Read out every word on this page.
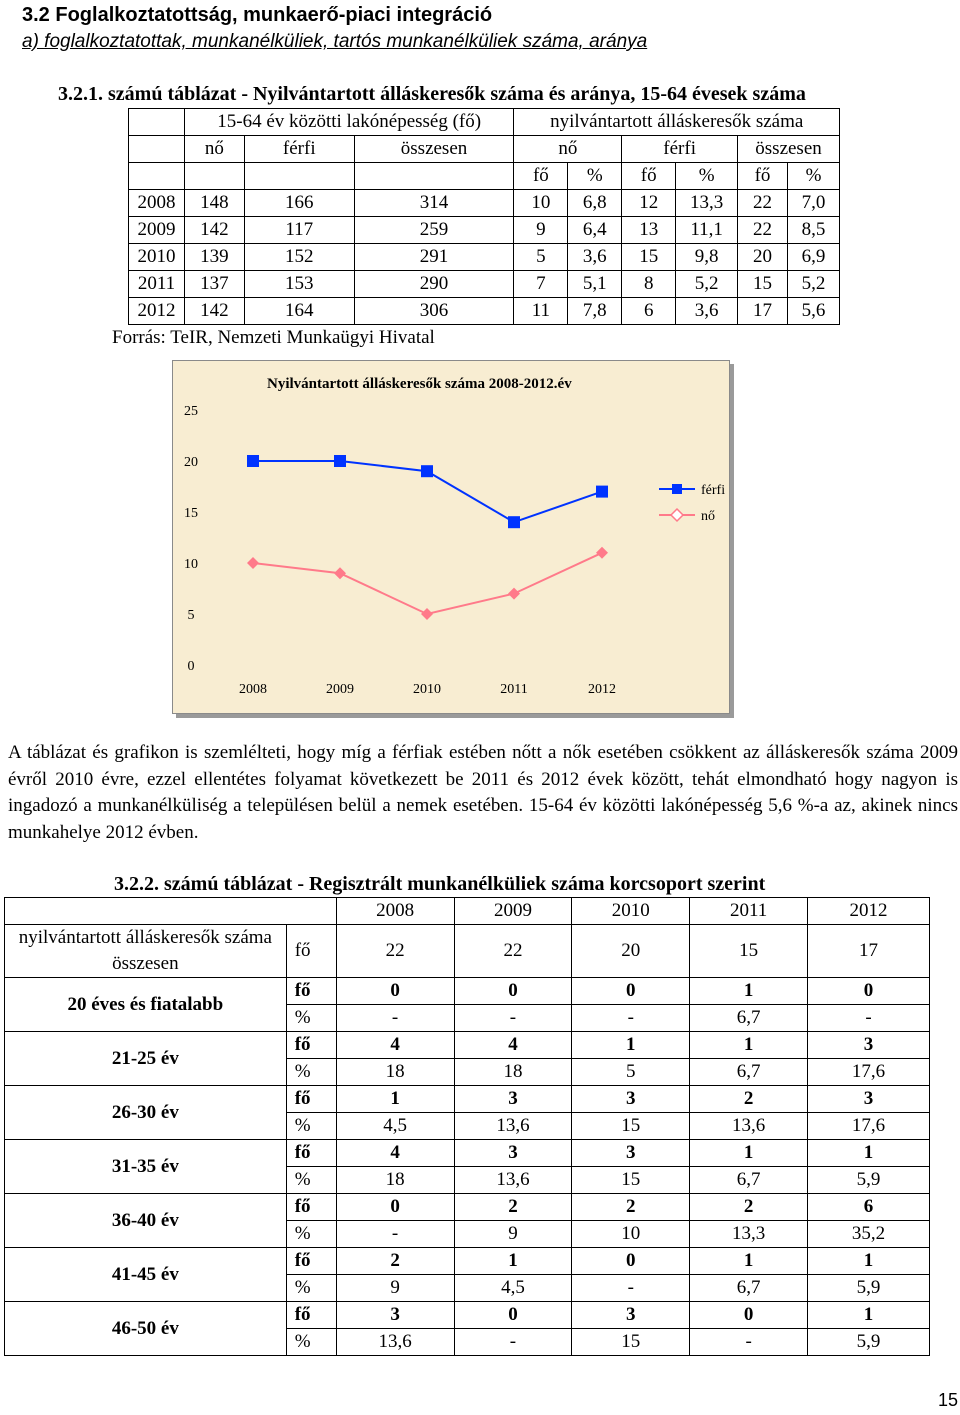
3.2 Foglalkoztatottság, munkaerő-piaci integráció
a) foglalkoztatottak, munkanélküliek, tartós munkanélküliek száma, aránya
3.2.1. számú táblázat - Nyilvántartott álláskeresők száma és aránya, 15-64 évesek száma
	15-64 év közötti lakónépesség (fő)			nyilvántartott álláskeresők száma					
	nő	férfi	összesen	nő		férfi		összesen	
				fő	%	fő	%	fő	%
2008	148	166	314	10	6,8	12	13,3	22	7,0
2009	142	117	259	9	6,4	13	11,1	22	8,5
2010	139	152	291	5	3,6	15	9,8	20	6,9
2011	137	153	290	7	5,1	8	5,2	15	5,2
2012	142	164	306	11	7,8	6	3,6	17	5,6
Forrás: TeIR, Nemzeti Munkaügyi Hivatal
Nyilvántartott álláskeresők száma 2008-2012.év
25
20
15
10
5
0
2008	2009	2010	2011	2012
férfi
nő
A táblázat és grafikon is szemlélteti, hogy míg a férfiak estében nőtt a nők esetében csökkent az álláskeresők száma 2009 évről 2010 évre, ezzel ellentétes folyamat következett be 2011 és 2012 évek között, tehát elmondható hogy nagyon is ingadozó a munkanélküliség a településen belül a nemek esetében. 15-64 év közötti lakónépesség 5,6 %-a az, akinek nincs munkahelye 2012 évben.
3.2.2. számú táblázat - Regisztrált munkanélküliek száma korcsoport szerint
		2008	2009	2010	2011	2012
nyilvántartott álláskeresők száma összesen	fő	22	22	20	15	17
20 éves és fiatalabb	fő	0	0	0	1	0
	%	-	-	-	6,7	-
21-25 év	fő	4	4	1	1	3
	%	18	18	5	6,7	17,6
26-30 év	fő	1	3	3	2	3
	%	4,5	13,6	15	13,6	17,6
31-35 év	fő	4	3	3	1	1
	%	18	13,6	15	6,7	5,9
36-40 év	fő	0	2	2	2	6
	%	-	9	10	13,3	35,2
41-45 év	fő	2	1	0	1	1
	%	9	4,5	-	6,7	5,9
46-50 év	fő	3	0	3	0	1
	%	13,6	-	15	-	5,9
15
